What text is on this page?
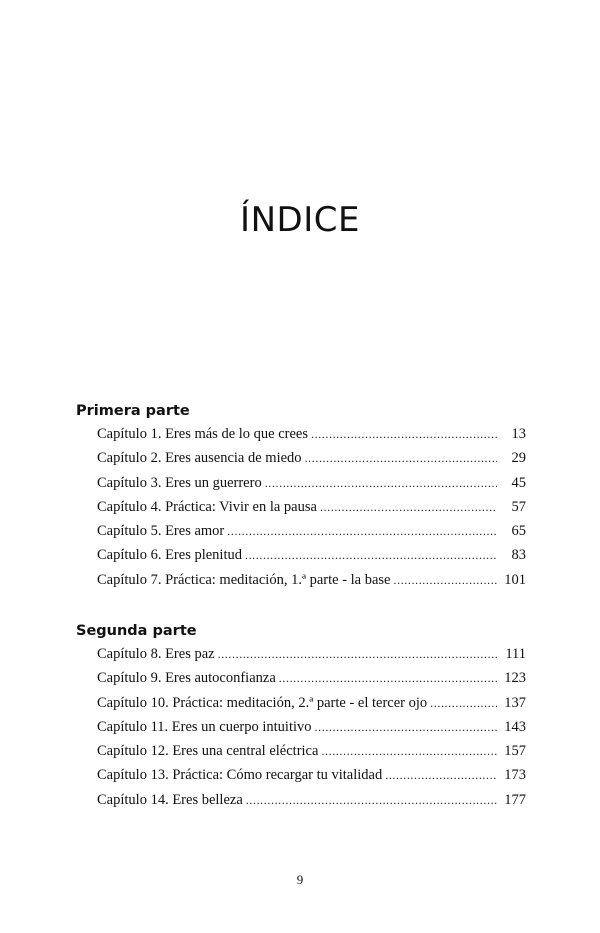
ÍNDICE
Primera parte
Capítulo 1. Eres más de lo que crees .....	13
Capítulo 2. Eres ausencia de miedo .....	29
Capítulo 3. Eres un guerrero .....	45
Capítulo 4. Práctica: Vivir en la pausa .....	57
Capítulo 5. Eres amor .....	65
Capítulo 6. Eres plenitud .....	83
Capítulo 7. Práctica: meditación, 1.ª parte - la base .....	101
Segunda parte
Capítulo 8. Eres paz .....	111
Capítulo 9. Eres autoconfianza .....	123
Capítulo 10. Práctica: meditación, 2.ª parte - el tercer ojo .....	137
Capítulo 11. Eres un cuerpo intuitivo .....	143
Capítulo 12. Eres una central eléctrica .....	157
Capítulo 13. Práctica: Cómo recargar tu vitalidad .....	173
Capítulo 14. Eres belleza .....	177
9
